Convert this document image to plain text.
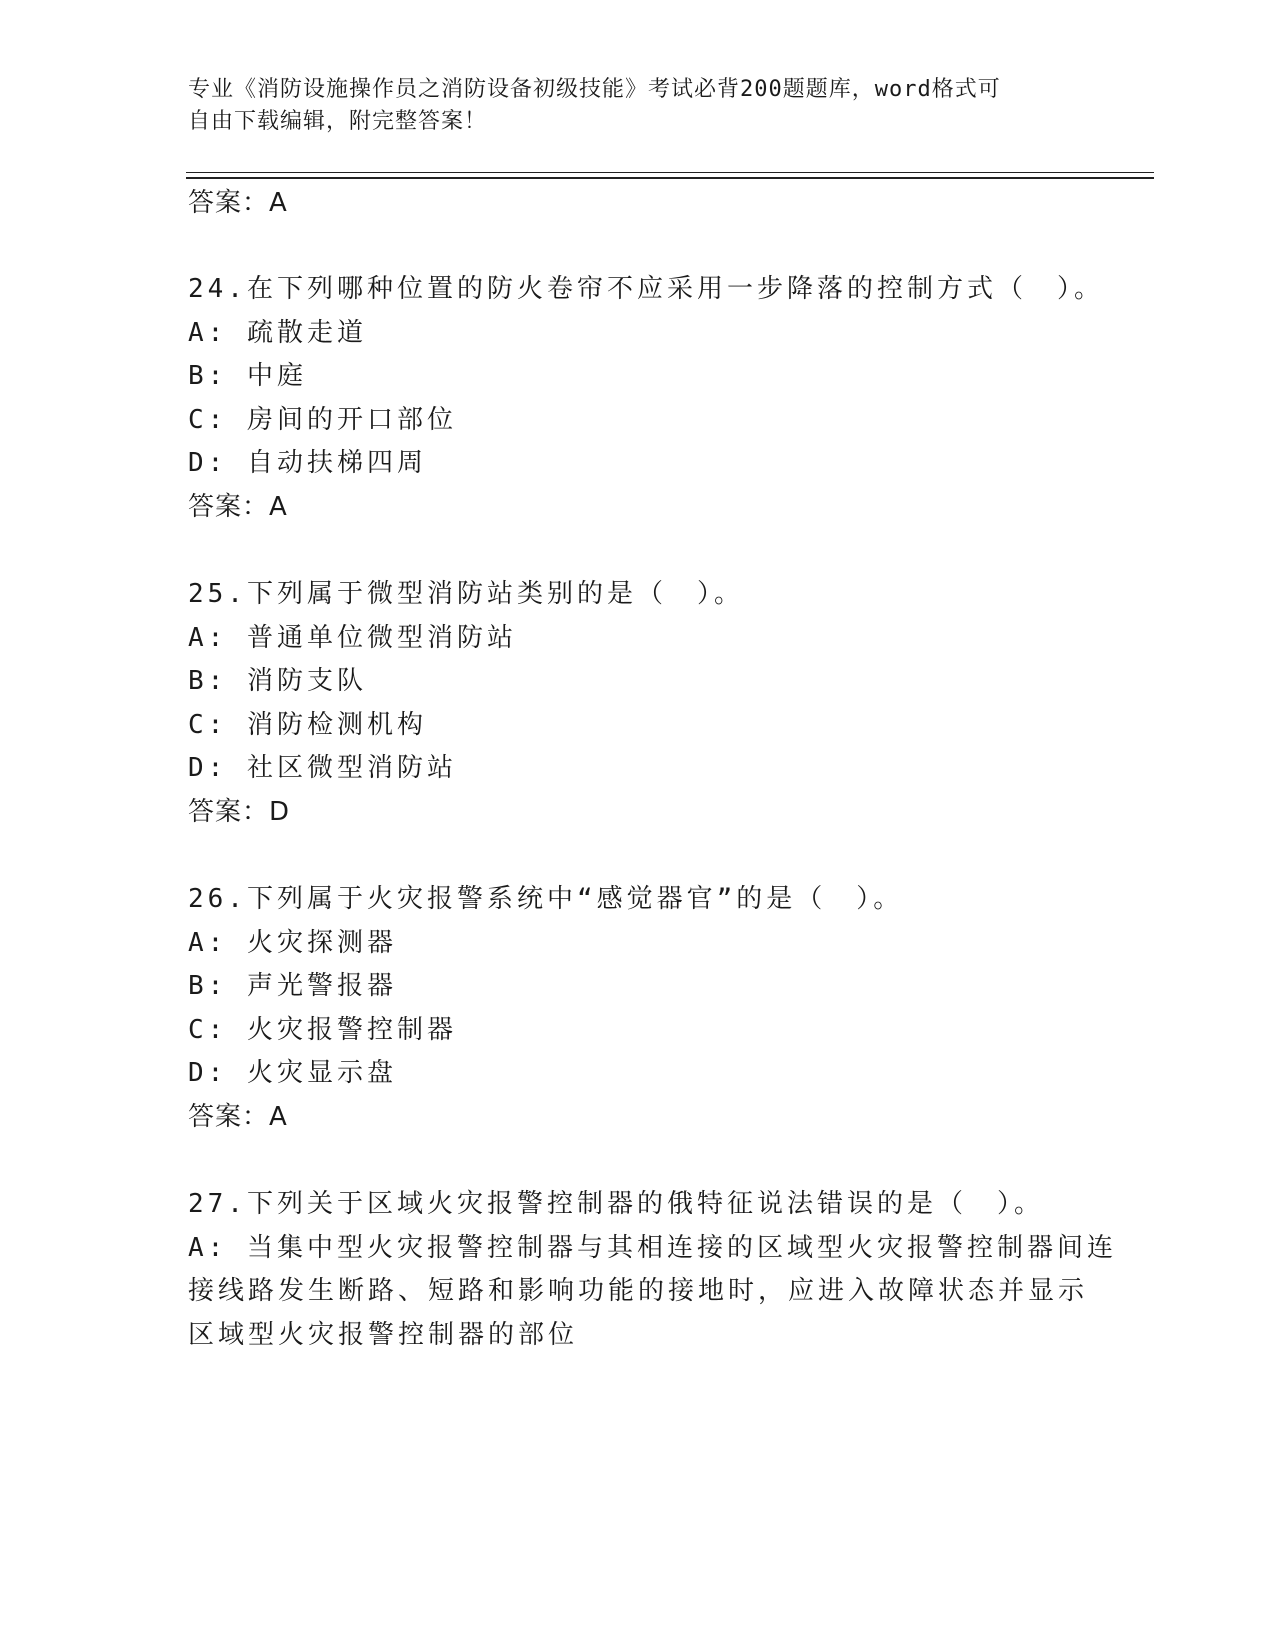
专业《消防设施操作员之消防设备初级技能》考试必背200题题库，word格式可
自由下载编辑，附完整答案！
答案：A
24.在下列哪种位置的防火卷帘不应采用一步降落的控制方式（　）。
A: 疏散走道
B: 中庭
C: 房间的开口部位
D: 自动扶梯四周
答案：A
25.下列属于微型消防站类别的是（　）。
A: 普通单位微型消防站
B: 消防支队
C: 消防检测机构
D: 社区微型消防站
答案：D
26.下列属于火灾报警系统中“感觉器官”的是（　）。
A: 火灾探测器
B: 声光警报器
C: 火灾报警控制器
D: 火灾显示盘
答案：A
27.下列关于区域火灾报警控制器的俄特征说法错误的是（　）。
A: 当集中型火灾报警控制器与其相连接的区域型火灾报警控制器间连
接线路发生断路、短路和影响功能的接地时，应进入故障状态并显示
区域型火灾报警控制器的部位
